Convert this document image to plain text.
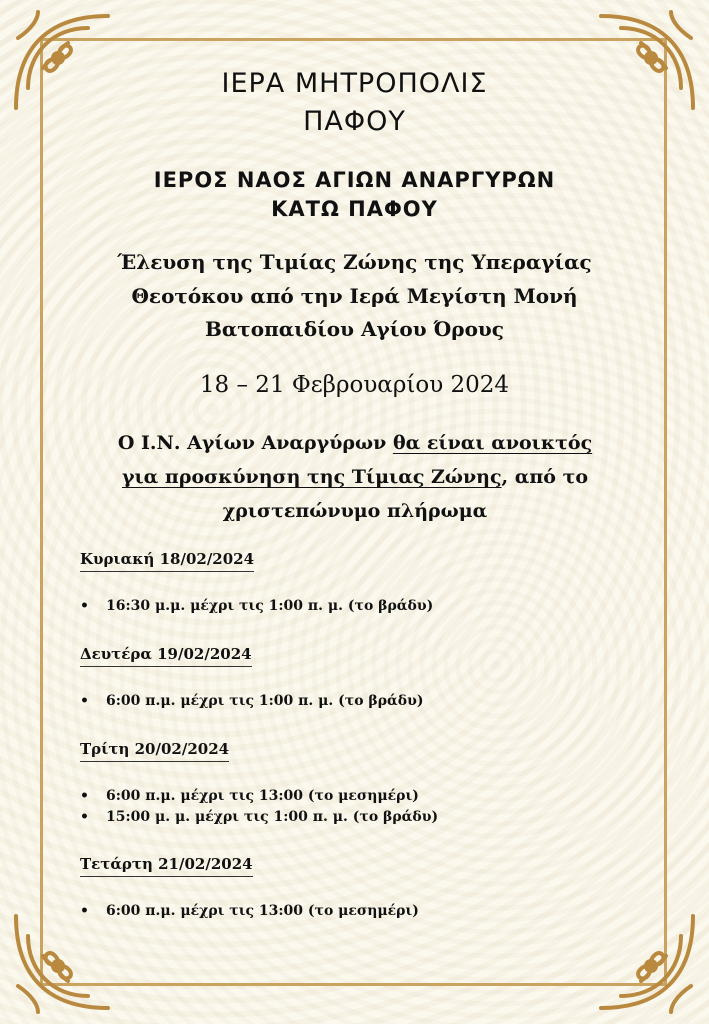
ΙΕΡΑ ΜΗΤΡΟΠΟΛΙΣ
ΠΑΦΟΥ
ΙΕΡΟΣ ΝΑΟΣ ΑΓΙΩΝ ΑΝΑΡΓΥΡΩΝ
ΚΑΤΩ ΠΑΦΟΥ
Έλευση της Τιμίας Ζώνης της Υπεραγίας
Θεοτόκου από την Ιερά Μεγίστη Μονή
Βατοπαιδίου Αγίου Όρους
18 – 21 Φεβρουαρίου 2024
Ο Ι.Ν. Αγίων Αναργύρων θα είναι ανοικτός
για προσκύνηση της Τίμιας Ζώνης, από το
χριστεπώνυμο πλήρωμα
Κυριακή 18/02/2024
• 16:30 μ.μ. μέχρι τις 1:00 π. μ. (το βράδυ)
Δευτέρα 19/02/2024
• 6:00 π.μ. μέχρι τις 1:00 π. μ. (το βράδυ)
Τρίτη 20/02/2024
• 6:00 π.μ. μέχρι τις 13:00 (το μεσημέρι)
• 15:00 μ. μ. μέχρι τις 1:00 π. μ. (το βράδυ)
Τετάρτη 21/02/2024
• 6:00 π.μ. μέχρι τις 13:00 (το μεσημέρι)
